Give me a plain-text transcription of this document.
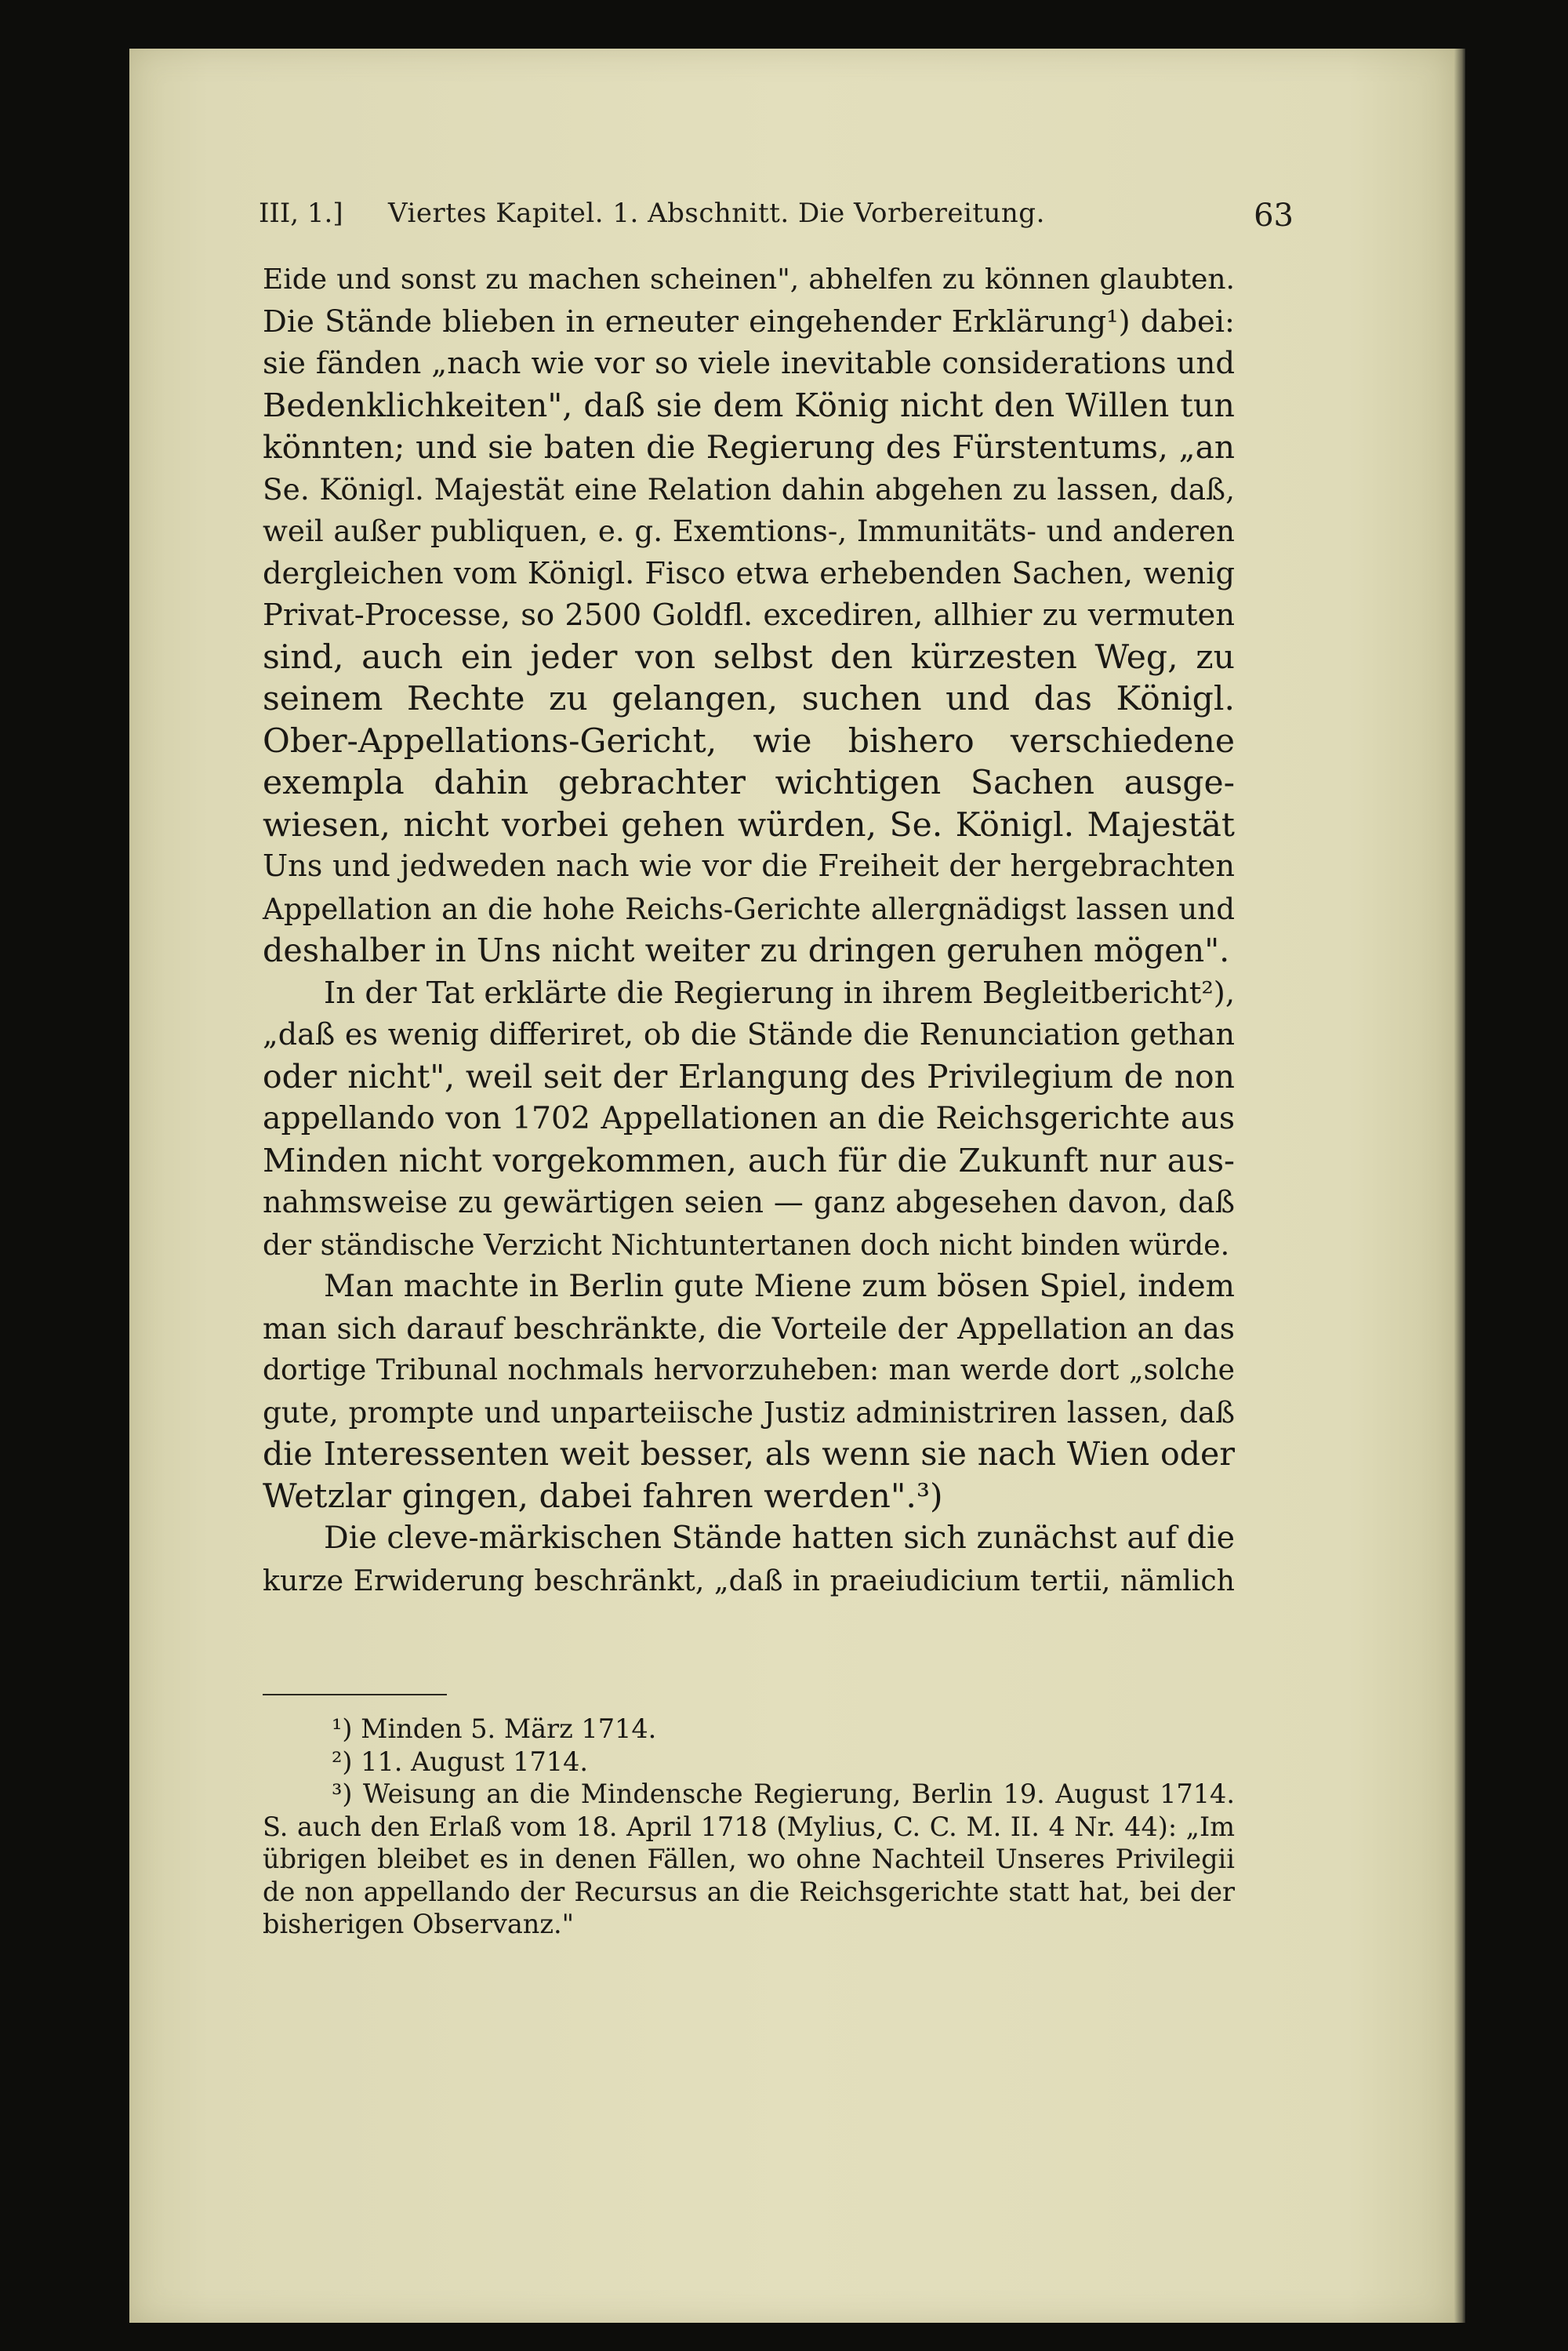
III, 1.] Viertes Kapitel. 1. Abschnitt. Die Vorbereitung.	63
Eide und sonst zu machen scheinen", abhelfen zu können glaubten.
Die Stände blieben in erneuter eingehender Erklärung¹) dabei:
sie fänden „nach wie vor so viele inevitable considerations und
Bedenklichkeiten", daß sie dem König nicht den Willen tun
könnten; und sie baten die Regierung des Fürstentums, „an
Se. Königl. Majestät eine Relation dahin abgehen zu lassen, daß,
weil außer publiquen, e. g. Exemtions-, Immunitäts- und anderen
dergleichen vom Königl. Fisco etwa erhebenden Sachen, wenig
Privat-Processe, so 2500 Goldfl. excediren, allhier zu vermuten
sind, auch ein jeder von selbst den kürzesten Weg, zu
seinem Rechte zu gelangen, suchen und das Königl.
Ober-Appellations-Gericht, wie bishero verschiedene
exempla dahin gebrachter wichtigen Sachen ausge-
wiesen, nicht vorbei gehen würden, Se. Königl. Majestät
Uns und jedweden nach wie vor die Freiheit der hergebrachten
Appellation an die hohe Reichs-Gerichte allergnädigst lassen und
deshalber in Uns nicht weiter zu dringen geruhen mögen".
In der Tat erklärte die Regierung in ihrem Begleitbericht²),
„daß es wenig differiret, ob die Stände die Renunciation gethan
oder nicht", weil seit der Erlangung des Privilegium de non
appellando von 1702 Appellationen an die Reichsgerichte aus
Minden nicht vorgekommen, auch für die Zukunft nur aus-
nahmsweise zu gewärtigen seien — ganz abgesehen davon, daß
der ständische Verzicht Nichtuntertanen doch nicht binden würde.
Man machte in Berlin gute Miene zum bösen Spiel, indem
man sich darauf beschränkte, die Vorteile der Appellation an das
dortige Tribunal nochmals hervorzuheben: man werde dort „solche
gute, prompte und unparteiische Justiz administriren lassen, daß
die Interessenten weit besser, als wenn sie nach Wien oder
Wetzlar gingen, dabei fahren werden".³)
Die cleve-märkischen Stände hatten sich zunächst auf die
kurze Erwiderung beschränkt, „daß in praeiudicium tertii, nämlich
¹) Minden 5. März 1714.
²) 11. August 1714.
³) Weisung an die Mindensche Regierung, Berlin 19. August 1714.
S. auch den Erlaß vom 18. April 1718 (Mylius, C. C. M. II. 4 Nr. 44): „Im
übrigen bleibet es in denen Fällen, wo ohne Nachteil Unseres Privilegii
de non appellando der Recursus an die Reichsgerichte statt hat, bei der
bisherigen Observanz."
